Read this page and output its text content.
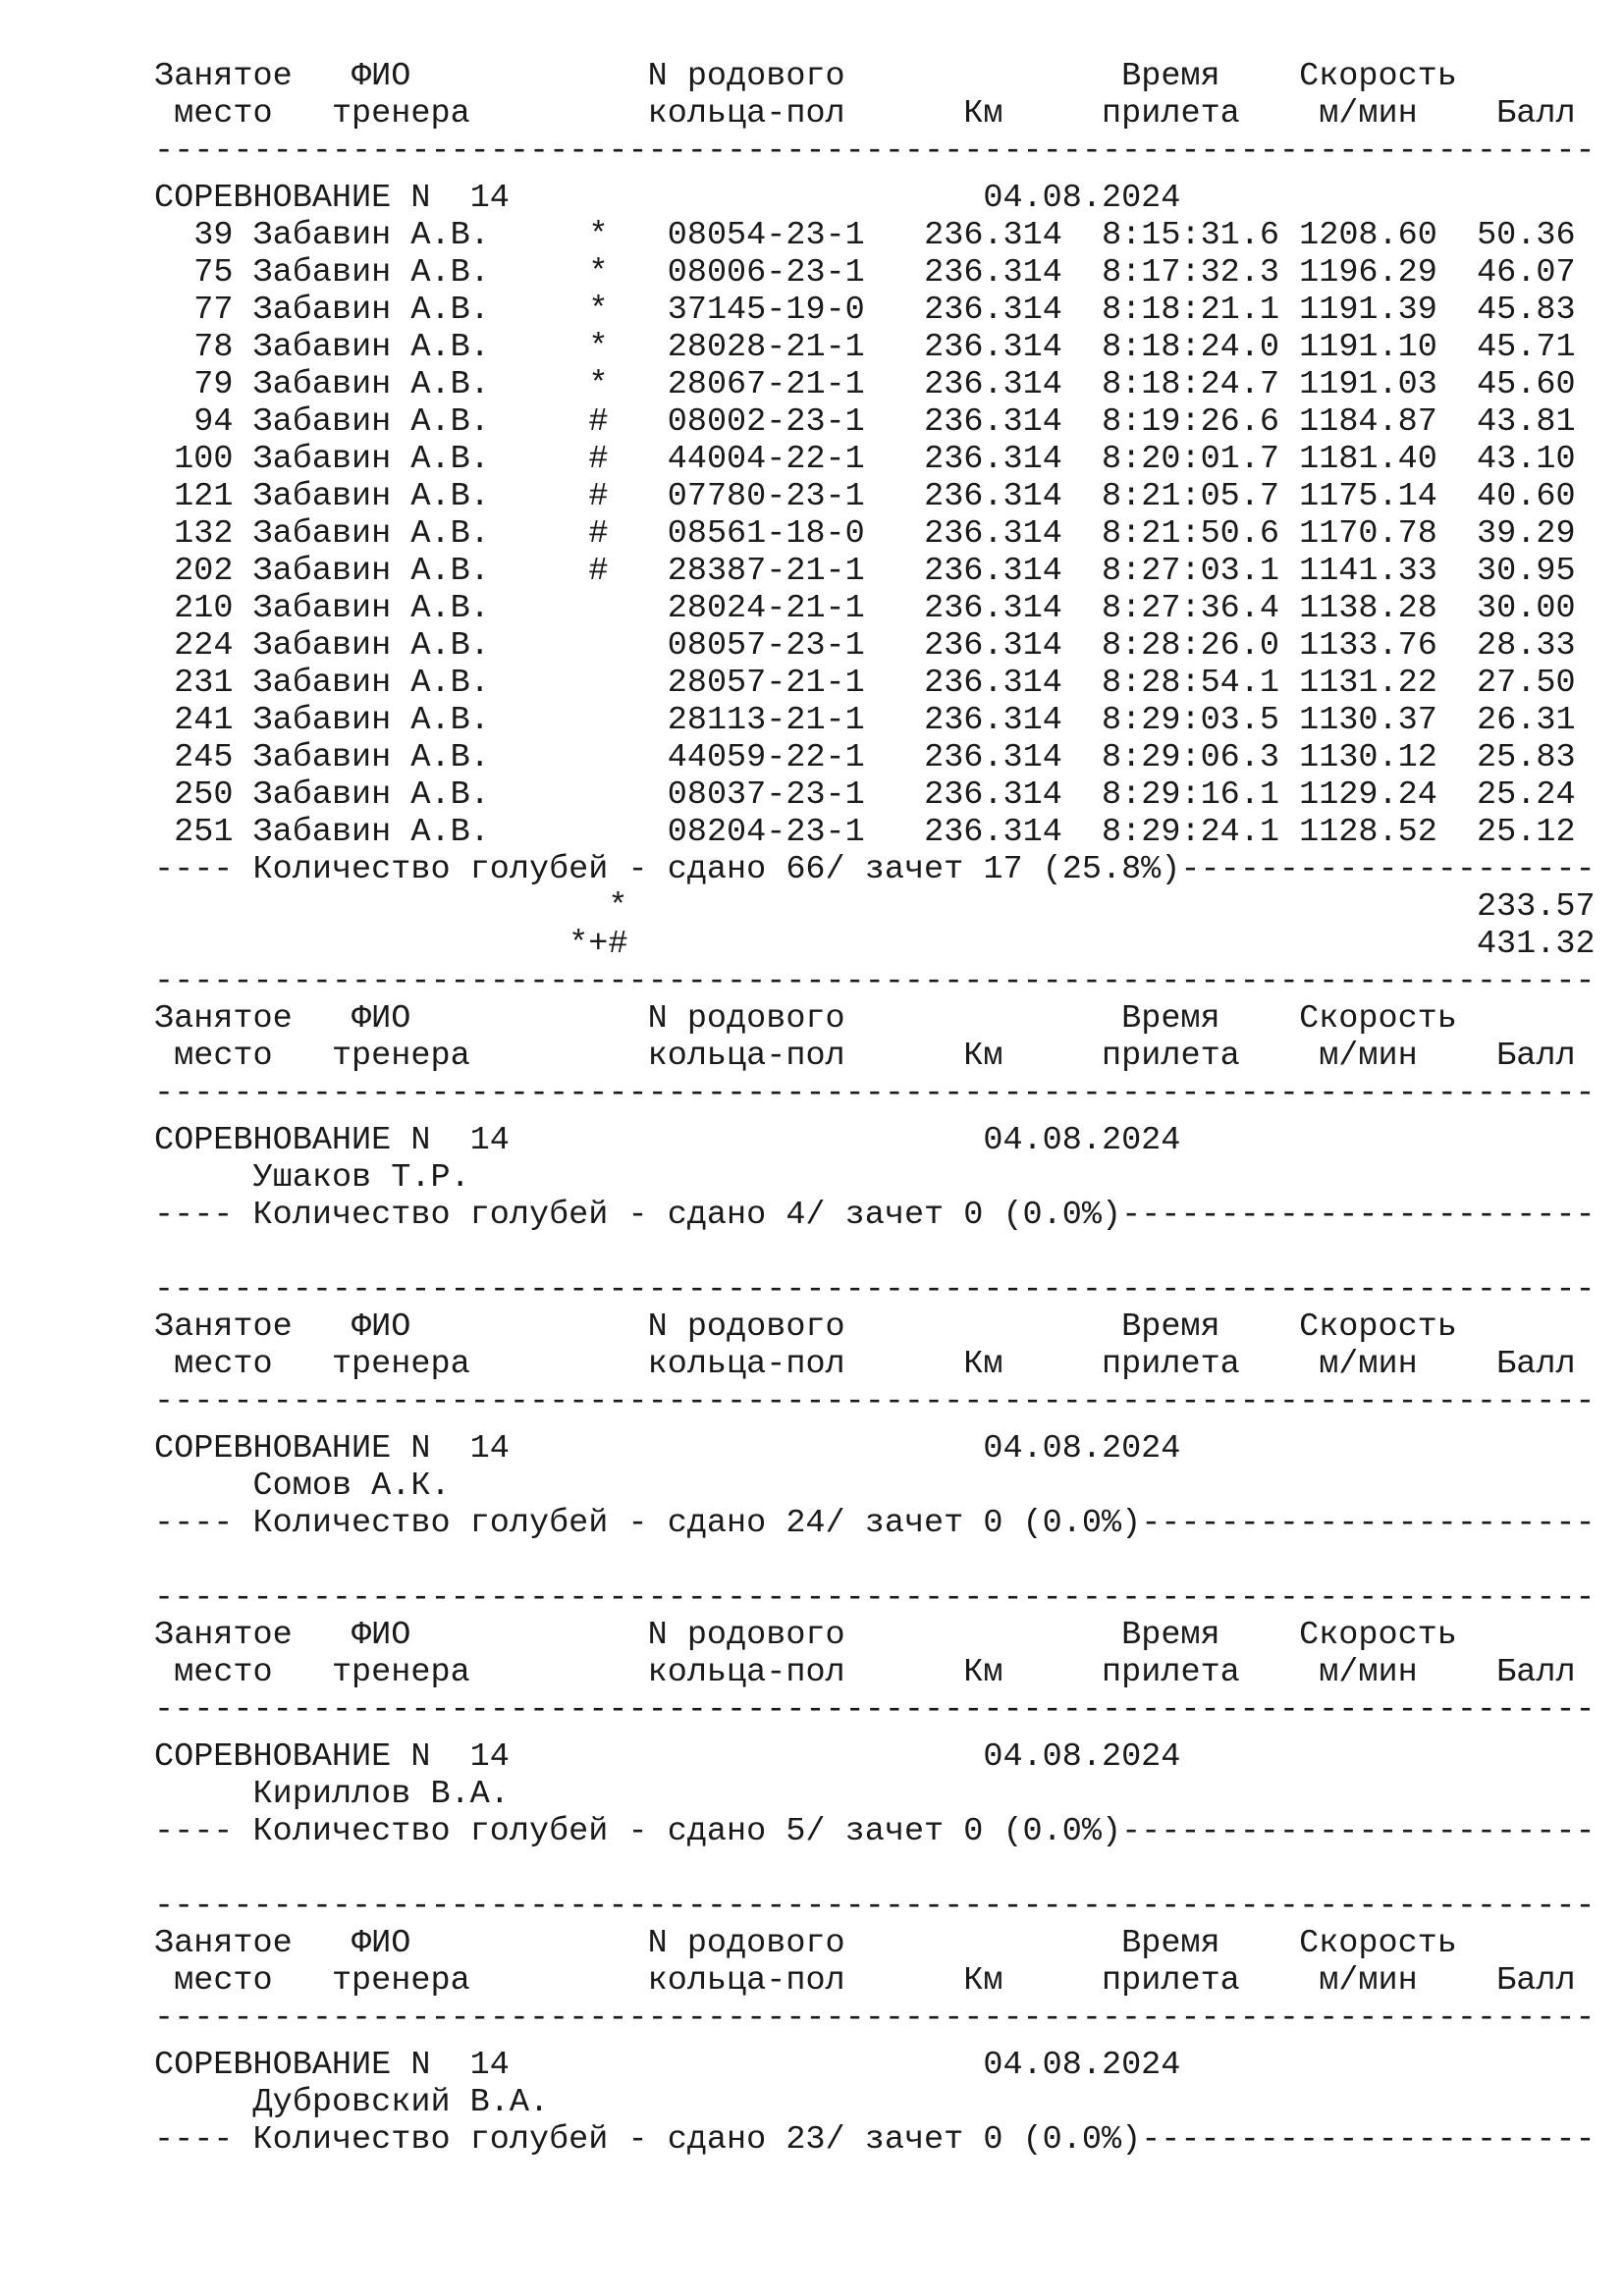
Занятое ФИО	N родового	Время Скорость
место тренера	кольца-пол	Км	прилета м/мин Балл
-------------------------------------------------------------------------

СОРЕВНОВАНИЕ N  14	04.08.2024
39 Забавин А.В.	* 08054-23-1 236.314 8:15:31.6 1208.60 50.36
75 Забавин А.В.	* 08006-23-1 236.314 8:17:32.3 1196.29 46.07
77 Забавин А.В.	* 37145-19-0 236.314 8:18:21.1 1191.39 45.83
78 Забавин А.В.	* 28028-21-1 236.314 8:18:24.0 1191.10 45.71
79 Забавин А.В.	* 28067-21-1 236.314 8:18:24.7 1191.03 45.60
94 Забавин А.В.	# 08002-23-1 236.314 8:19:26.6 1184.87 43.81
100 Забавин А.В.	# 44004-22-1 236.314 8:20:01.7 1181.40 43.10
121 Забавин А.В.	# 07780-23-1 236.314 8:21:05.7 1175.14 40.60
132 Забавин А.В.	# 08561-18-0 236.314 8:21:50.6 1170.78 39.29
202 Забавин А.В.	# 28387-21-1 236.314 8:27:03.1 1141.33 30.95
210 Забавин А.В.	28024-21-1 236.314 8:27:36.4 1138.28 30.00
224 Забавин А.В.	08057-23-1 236.314 8:28:26.0 1133.76 28.33
231 Забавин А.В.	28057-21-1 236.314 8:28:54.1 1131.22 27.50
241 Забавин А.В.	28113-21-1 236.314 8:29:03.5 1130.37 26.31
245 Забавин А.В.	44059-22-1 236.314 8:29:06.3 1130.12 25.83
250 Забавин А.В.	08037-23-1 236.314 8:29:16.1 1129.24 25.24
251 Забавин А.В.	08204-23-1 236.314 8:29:24.1 1128.52 25.12
---- Количество голубей - сдано 66/ зачет 17 (25.8%)---------------------
*	233.57
*+#	431.32
-------------------------------------------------------------------------
Занятое ФИО	N родового	Время Скорость
место тренера	кольца-пол	Км	прилета м/мин Балл
-------------------------------------------------------------------------

СОРЕВНОВАНИЕ N  14	04.08.2024
Ушаков Т.Р.
---- Количество голубей - сдано 4/ зачет 0 (0.0%)------------------------

-------------------------------------------------------------------------
Занятое ФИО	N родового	Время Скорость
место тренера	кольца-пол	Км	прилета м/мин Балл
-------------------------------------------------------------------------

СОРЕВНОВАНИЕ N  14	04.08.2024
Сомов А.К.
---- Количество голубей - сдано 24/ зачет 0 (0.0%)-----------------------

-------------------------------------------------------------------------
Занятое ФИО	N родового	Время Скорость
место тренера	кольца-пол	Км	прилета м/мин Балл
-------------------------------------------------------------------------

СОРЕВНОВАНИЕ N  14	04.08.2024
Кириллов В.А.
---- Количество голубей - сдано 5/ зачет 0 (0.0%)------------------------

-------------------------------------------------------------------------
Занятое ФИО	N родового	Время Скорость
место тренера	кольца-пол	Км	прилета м/мин Балл
-------------------------------------------------------------------------

СОРЕВНОВАНИЕ N  14	04.08.2024
Дубровский В.А.
---- Количество голубей - сдано 23/ зачет 0 (0.0%)-----------------------
